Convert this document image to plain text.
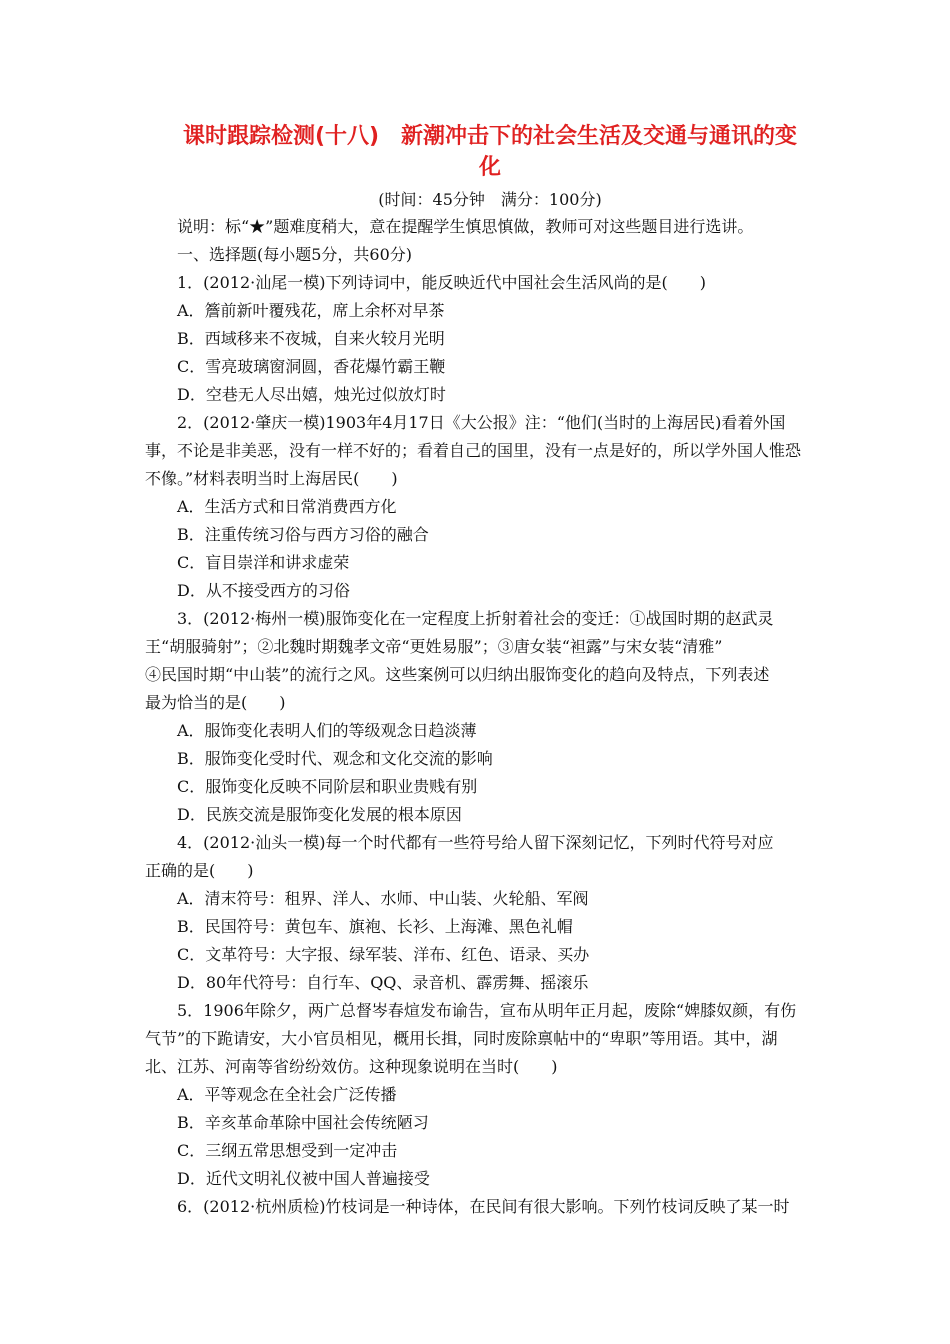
课时跟踪检测(十八)　新潮冲击下的社会生活及交通与通讯的变
化
(时间：45分钟　满分：100分)
说明：标“★”题难度稍大，意在提醒学生慎思慎做，教师可对这些题目进行选讲。
一、选择题(每小题5分，共60分)
1．(2012·汕尾一模)下列诗词中，能反映近代中国社会生活风尚的是(　　)
A．簷前新叶覆残花，席上余杯对早茶
B．西域移来不夜城，自来火较月光明
C．雪亮玻璃窗洞圆，香花爆竹霸王鞭
D．空巷无人尽出嬉，烛光过似放灯时
2．(2012·肇庆一模)1903年4月17日《大公报》注：“他们(当时的上海居民)看着外国
事，不论是非美恶，没有一样不好的；看着自己的国里，没有一点是好的，所以学外国人惟恐
不像。”材料表明当时上海居民(　　)
A．生活方式和日常消费西方化
B．注重传统习俗与西方习俗的融合
C．盲目崇洋和讲求虚荣
D．从不接受西方的习俗
3．(2012·梅州一模)服饰变化在一定程度上折射着社会的变迁：①战国时期的赵武灵
王“胡服骑射”；②北魏时期魏孝文帝“更姓易服”；③唐女装“袒露”与宋女装“清雅”
④民国时期“中山装”的流行之风。这些案例可以归纳出服饰变化的趋向及特点，下列表述
最为恰当的是(　　)
A．服饰变化表明人们的等级观念日趋淡薄
B．服饰变化受时代、观念和文化交流的影响
C．服饰变化反映不同阶层和职业贵贱有别
D．民族交流是服饰变化发展的根本原因
4．(2012·汕头一模)每一个时代都有一些符号给人留下深刻记忆，下列时代符号对应
正确的是(　　)
A．清末符号：租界、洋人、水师、中山装、火轮船、军阀
B．民国符号：黄包车、旗袍、长衫、上海滩、黑色礼帽
C．文革符号：大字报、绿军装、洋布、红色、语录、买办
D．80年代符号：自行车、QQ、录音机、霹雳舞、摇滚乐
5．1906年除夕，两广总督岑春煊发布谕告，宣布从明年正月起，废除“婢膝奴颜，有伤
气节”的下跪请安，大小官员相见，概用长揖，同时废除禀帖中的“卑职”等用语。其中，湖
北、江苏、河南等省纷纷效仿。这种现象说明在当时(　　)
A．平等观念在全社会广泛传播
B．辛亥革命革除中国社会传统陋习
C．三纲五常思想受到一定冲击
D．近代文明礼仪被中国人普遍接受
6．(2012·杭州质检)竹枝词是一种诗体，在民间有很大影响。下列竹枝词反映了某一时
